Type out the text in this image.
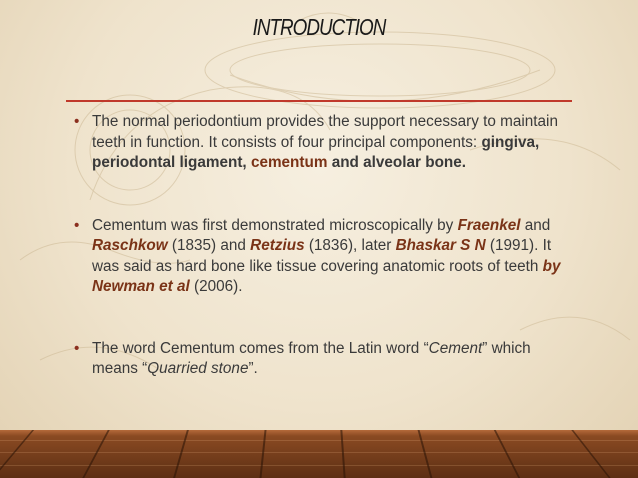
INTRODUCTION
• The normal periodontium provides the support necessary to maintain teeth in function. It consists of four principal components: gingiva, periodontal ligament, cementum and alveolar bone.
• Cementum was first demonstrated microscopically by Fraenkel and Raschkow (1835) and Retzius (1836), later Bhaskar S N (1991). It was said as hard bone like tissue covering anatomic roots of teeth by Newman et al (2006).
• The word Cementum comes from the Latin word “Cement” which means “Quarried stone”.
